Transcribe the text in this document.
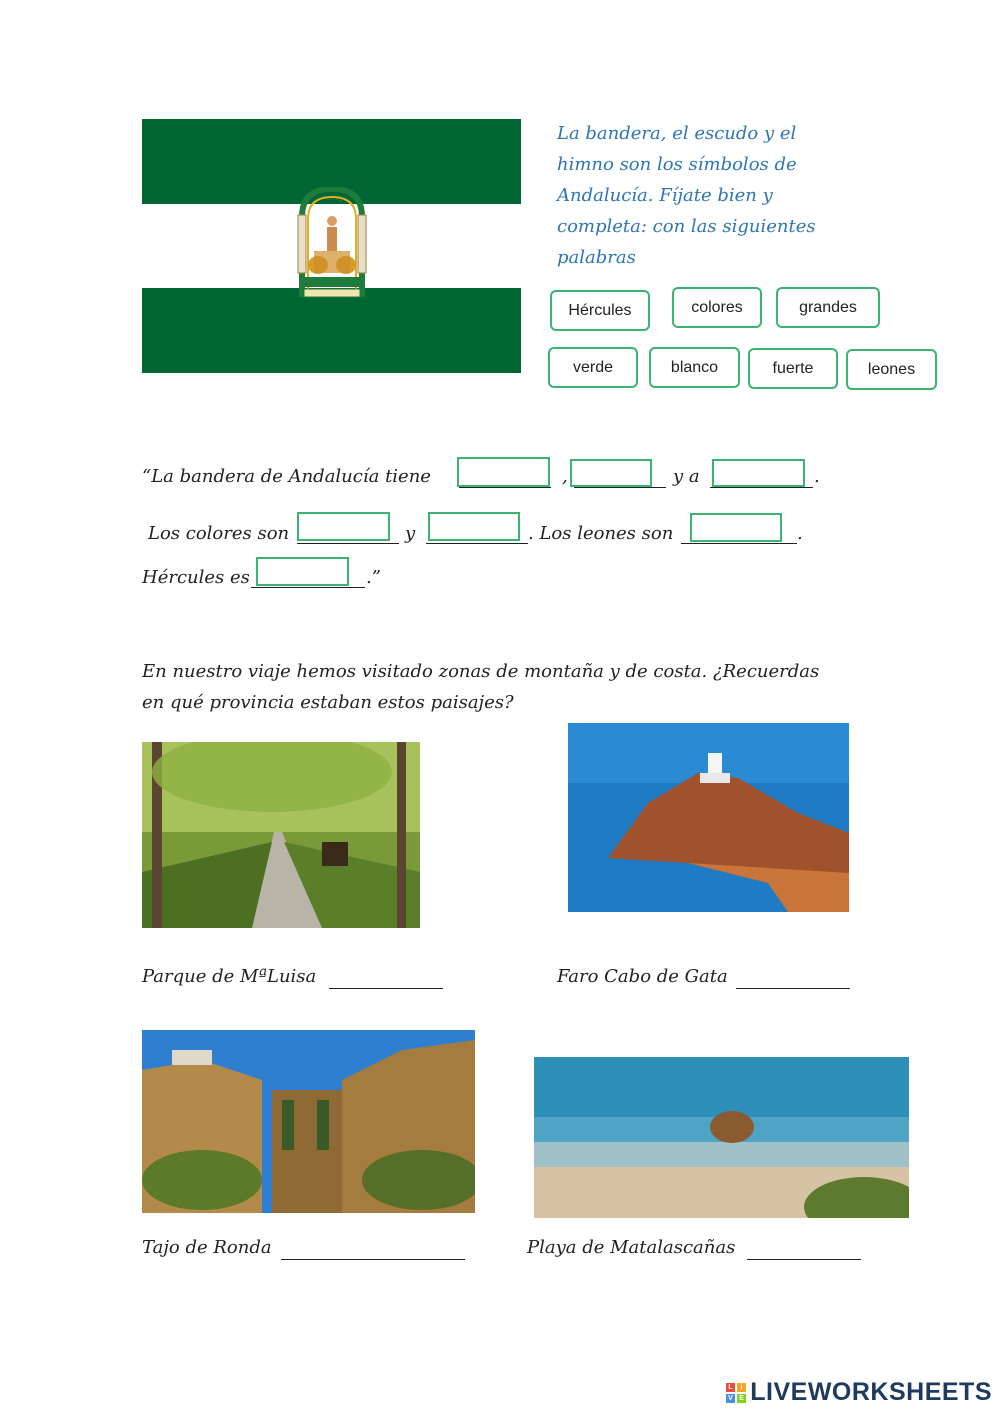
La bandera, el escudo y el himno son los símbolos de Andalucía. Fíjate bien y completa: con las siguientes palabras
Hércules	colores	grandes
verde	blanco	fuerte	leones
“La bandera de Andalucía tiene	,	y a	.
Los colores son	y	. Los leones son	.
Hércules es	.”
En nuestro viaje hemos visitado zonas de montaña y de costa. ¿Recuerdas
en qué provincia estaban estos paisajes?
Parque de MªLuisa	Faro Cabo de Gata
Tajo de Ronda	Playa de Matalascañas
L	i
V E LIVEWORKSHEETS
